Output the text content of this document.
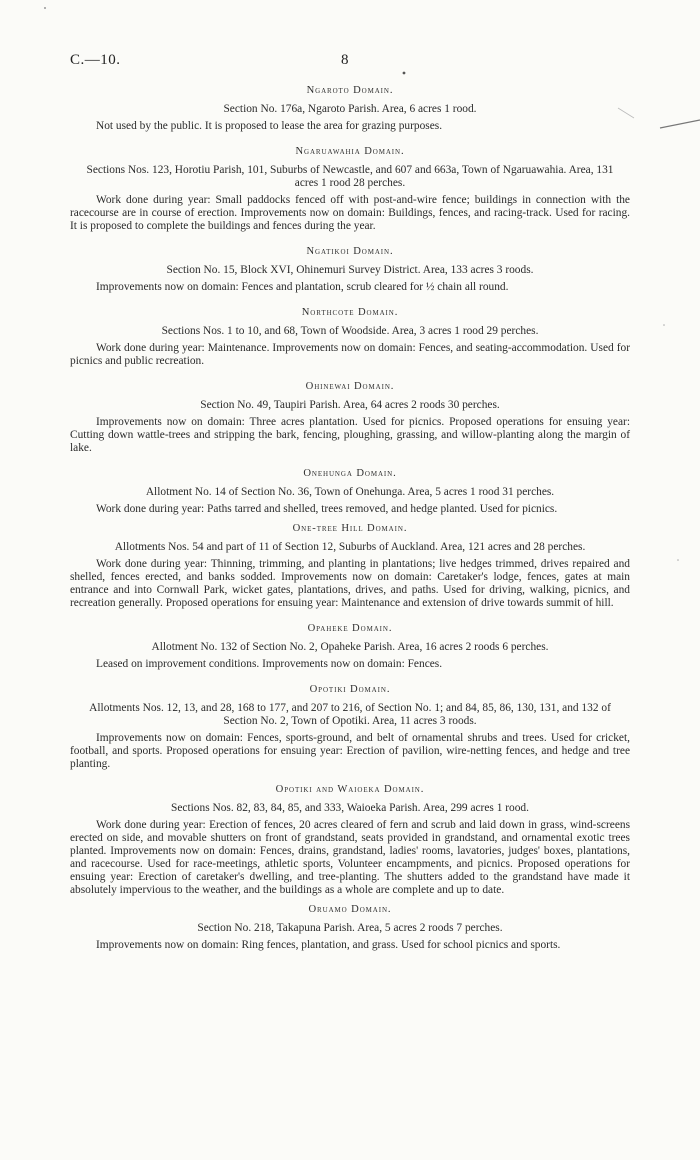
C.—10.	8
Ngaroto Domain.
Section No. 176a, Ngaroto Parish. Area, 6 acres 1 rood.
Not used by the public. It is proposed to lease the area for grazing purposes.
Ngaruawahia Domain.
Sections Nos. 123, Horotiu Parish, 101, Suburbs of Newcastle, and 607 and 663a, Town of Ngaruawahia. Area, 131 acres 1 rood 28 perches.
Work done during year: Small paddocks fenced off with post-and-wire fence; buildings in connection with the racecourse are in course of erection. Improvements now on domain: Buildings, fences, and racing-track. Used for racing. It is proposed to complete the buildings and fences during the year.
Ngatikoi Domain.
Section No. 15, Block XVI, Ohinemuri Survey District. Area, 133 acres 3 roods.
Improvements now on domain: Fences and plantation, scrub cleared for ½ chain all round.
Northcote Domain.
Sections Nos. 1 to 10, and 68, Town of Woodside. Area, 3 acres 1 rood 29 perches.
Work done during year: Maintenance. Improvements now on domain: Fences, and seating-accommodation. Used for picnics and public recreation.
Ohinewai Domain.
Section No. 49, Taupiri Parish. Area, 64 acres 2 roods 30 perches.
Improvements now on domain: Three acres plantation. Used for picnics. Proposed operations for ensuing year: Cutting down wattle-trees and stripping the bark, fencing, ploughing, grassing, and willow-planting along the margin of lake.
Onehunga Domain.
Allotment No. 14 of Section No. 36, Town of Onehunga. Area, 5 acres 1 rood 31 perches.
Work done during year: Paths tarred and shelled, trees removed, and hedge planted. Used for picnics.
One-tree Hill Domain.
Allotments Nos. 54 and part of 11 of Section 12, Suburbs of Auckland. Area, 121 acres and 28 perches.
Work done during year: Thinning, trimming, and planting in plantations; live hedges trimmed, drives repaired and shelled, fences erected, and banks sodded. Improvements now on domain: Caretaker's lodge, fences, gates at main entrance and into Cornwall Park, wicket gates, plantations, drives, and paths. Used for driving, walking, picnics, and recreation generally. Proposed operations for ensuing year: Maintenance and extension of drive towards summit of hill.
Opaheke Domain.
Allotment No. 132 of Section No. 2, Opaheke Parish. Area, 16 acres 2 roods 6 perches.
Leased on improvement conditions. Improvements now on domain: Fences.
Opotiki Domain.
Allotments Nos. 12, 13, and 28, 168 to 177, and 207 to 216, of Section No. 1; and 84, 85, 86, 130, 131, and 132 of Section No. 2, Town of Opotiki. Area, 11 acres 3 roods.
Improvements now on domain: Fences, sports-ground, and belt of ornamental shrubs and trees. Used for cricket, football, and sports. Proposed operations for ensuing year: Erection of pavilion, wire-netting fences, and hedge and tree planting.
Opotiki and Waioeka Domain.
Sections Nos. 82, 83, 84, 85, and 333, Waioeka Parish. Area, 299 acres 1 rood.
Work done during year: Erection of fences, 20 acres cleared of fern and scrub and laid down in grass, wind-screens erected on side, and movable shutters on front of grandstand, seats provided in grandstand, and ornamental exotic trees planted. Improvements now on domain: Fences, drains, grandstand, ladies' rooms, lavatories, judges' boxes, plantations, and racecourse. Used for race-meetings, athletic sports, Volunteer encampments, and picnics. Proposed operations for ensuing year: Erection of caretaker's dwelling, and tree-planting. The shutters added to the grandstand have made it absolutely impervious to the weather, and the buildings as a whole are complete and up to date.
Oruamo Domain.
Section No. 218, Takapuna Parish. Area, 5 acres 2 roods 7 perches.
Improvements now on domain: Ring fences, plantation, and grass. Used for school picnics and sports.
